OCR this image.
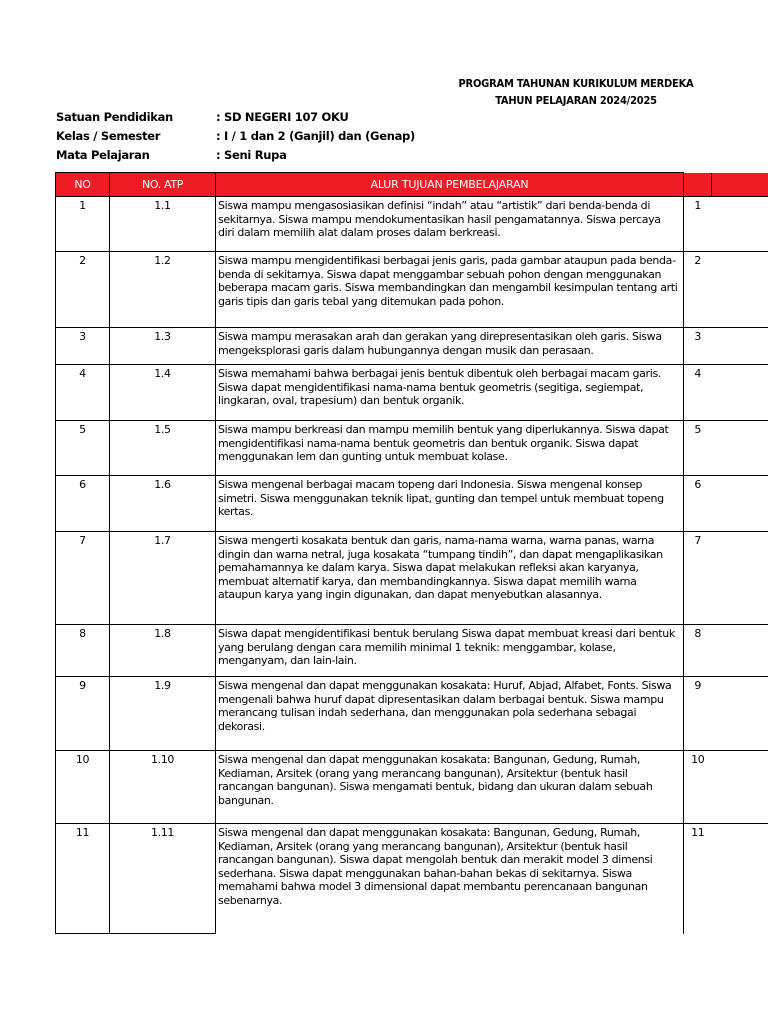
PROGRAM TAHUNAN KURIKULUM MERDEKA
TAHUN PELAJARAN 2024/2025
Satuan Pendidikan	: SD NEGERI 107 OKU
Kelas / Semester	: I / 1 dan 2 (Ganjil) dan (Genap)
Mata Pelajaran	: Seni Rupa
NO	NO. ATP	ALUR TUJUAN PEMBELAJARAN		
1	1.1	Siswa mampu mengasosiasikan definisi “indah” atau “artistik” dari benda-benda di sekitarnya. Siswa mampu mendokumentasikan hasil pengamatannya. Siswa percaya diri dalam memilih alat dalam proses dalam berkreasi.	1	
2	1.2	Siswa mampu mengidentifikasi berbagai jenis garis, pada gambar ataupun pada benda-benda di sekitarnya. Siswa dapat menggambar sebuah pohon dengan menggunakan beberapa macam garis. Siswa membandingkan dan mengambil kesimpulan tentang arti garis tipis dan garis tebal yang ditemukan pada pohon.	2	
3	1.3	Siswa mampu merasakan arah dan gerakan yang direpresentasikan oleh garis. Siswa mengeksplorasi garis dalam hubungannya dengan musik dan perasaan.	3	
4	1.4	Siswa memahami bahwa berbagai jenis bentuk dibentuk oleh berbagai macam garis. Siswa dapat mengidentifikasi nama-nama bentuk geometris (segitiga, segiempat, lingkaran, oval, trapesium) dan bentuk organik.	4	
5	1.5	Siswa mampu berkreasi dan mampu memilih bentuk yang diperlukannya. Siswa dapat mengidentifikasi nama-nama bentuk geometris dan bentuk organik. Siswa dapat menggunakan lem dan gunting untuk membuat kolase.	5	
6	1.6	Siswa mengenal berbagai macam topeng dari Indonesia. Siswa mengenal konsep simetri. Siswa menggunakan teknik lipat, gunting dan tempel untuk membuat topeng kertas.	6	
7	1.7	Siswa mengerti kosakata bentuk dan garis, nama-nama warna, warna panas, warna dingin dan warna netral, juga kosakata “tumpang tindih”, dan dapat mengaplikasikan pemahamannya ke dalam karya. Siswa dapat melakukan refleksi akan karyanya, membuat alternatif karya, dan membandingkannya. Siswa dapat memilih warna ataupun karya yang ingin digunakan, dan dapat menyebutkan alasannya.	7	
8	1.8	Siswa dapat mengidentifikasi bentuk berulang Siswa dapat membuat kreasi dari bentuk yang berulang dengan cara memilih minimal 1 teknik: menggambar, kolase, menganyam, dan lain-lain.	8	
9	1.9	Siswa mengenal dan dapat menggunakan kosakata: Huruf, Abjad, Alfabet, Fonts. Siswa mengenali bahwa huruf dapat dipresentasikan dalam berbagai bentuk. Siswa mampu merancang tulisan indah sederhana, dan menggunakan pola sederhana sebagai dekorasi.	9	
10	1.10	Siswa mengenal dan dapat menggunakan kosakata: Bangunan, Gedung, Rumah, Kediaman, Arsitek (orang yang merancang bangunan), Arsitektur (bentuk hasil rancangan bangunan). Siswa mengamati bentuk, bidang dan ukuran dalam sebuah bangunan.	10	
11	1.11	Siswa mengenal dan dapat menggunakan kosakata: Bangunan, Gedung, Rumah, Kediaman, Arsitek (orang yang merancang bangunan), Arsitektur (bentuk hasil rancangan bangunan). Siswa dapat mengolah bentuk dan merakit model 3 dimensi sederhana. Siswa dapat menggunakan bahan-bahan bekas di sekitarnya. Siswa memahami bahwa model 3 dimensional dapat membantu perencanaan bangunan sebenarnya.	11	
